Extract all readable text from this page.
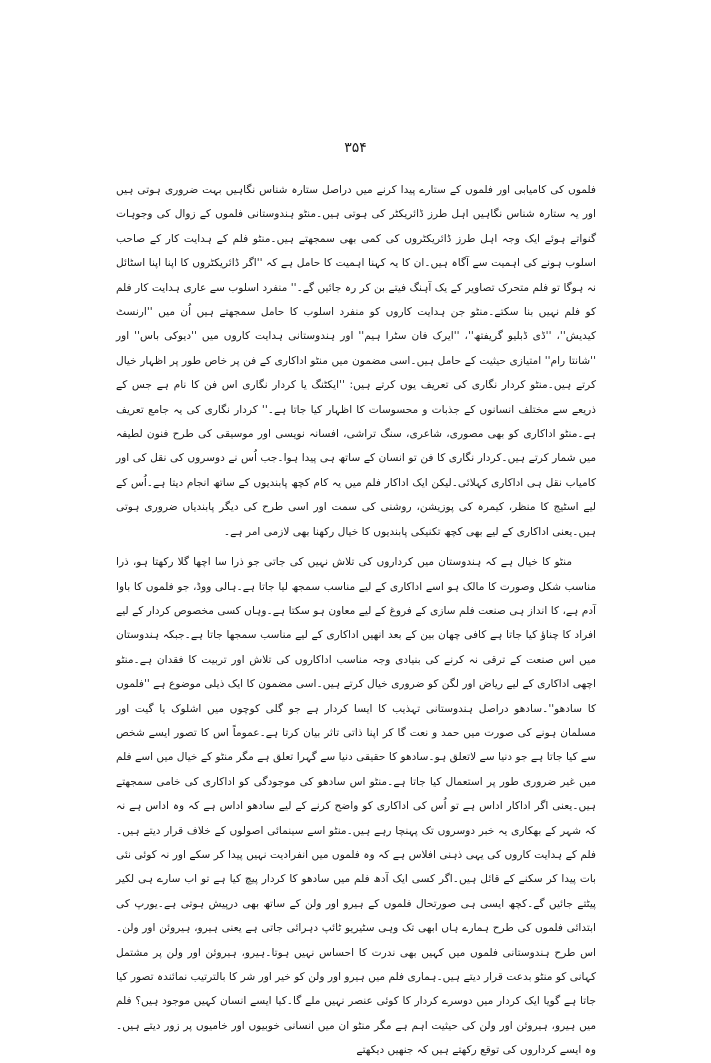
۳۵۴

فلموں کی کامیابی اور فلموں کے ستارے پیدا کرنے میں دراصل ستارہ شناس نگاہیں بہت ضروری ہوتی ہیں اور یہ ستارہ شناس نگاہیں اہل طرز ڈائریکٹر کی ہوتی ہیں۔منٹو ہندوستانی فلموں کے زوال کی وجوہات گنواتے ہوئے ایک وجہ اہل طرز ڈائریکٹروں کی کمی بھی سمجھتے ہیں۔منٹو فلم کے ہدایت کار کے صاحب اسلوب ہونے کی اہمیت سے آگاہ ہیں۔ان کا یہ کہنا اہمیت کا حامل ہے کہ ''اگر ڈائریکٹروں کا اپنا اپنا اسٹائل نہ ہوگا تو فلم متحرک تصاویر کے یک آہنگ فیتے بن کر رہ جائیں گے۔'' منفرد اسلوب سے عاری ہدایت کار فلم کو فلم نہیں بنا سکتے۔منٹو جن ہدایت کاروں کو منفرد اسلوب کا حامل سمجھتے ہیں اُن میں ''ارنسٹ کیدیش''، ''ڈی ڈبلیو گریفتھ''، ''ایرک فان سٹرا ہیم'' اور ہندوستانی ہدایت کاروں میں ''دیوکی باس'' اور ''شانتا رام'' امتیازی حیثیت کے حامل ہیں۔اسی مضمون میں منٹو اداکاری کے فن پر خاص طور پر اظہار خیال کرتے ہیں۔منٹو کردار نگاری کی تعریف یوں کرتے ہیں: ''ایکٹنگ یا کردار نگاری اس فن کا نام ہے جس کے ذریعے سے مختلف انسانوں کے جذبات و محسوسات کا اظہار کیا جاتا ہے۔'' کردار نگاری کی یہ جامع تعریف ہے۔منٹو اداکاری کو بھی مصوری، شاعری، سنگ تراشی، افسانہ نویسی اور موسیقی کی طرح فنون لطیفہ میں شمار کرتے ہیں۔کردار نگاری کا فن تو انسان کے ساتھ ہی پیدا ہوا۔جب اُس نے دوسروں کی نقل کی اور کامیاب نقل ہی اداکاری کہلائی۔لیکن ایک اداکار فلم میں یہ کام کچھ پابندیوں کے ساتھ انجام دیتا ہے۔اُس کے لیے اسٹیج کا منظر، کیمرہ کی پوزیشن، روشنی کی سمت اور اسی طرح کی دیگر پابندیاں ضروری ہوتی ہیں۔یعنی اداکاری کے لیے بھی کچھ تکنیکی پابندیوں کا خیال رکھنا بھی لازمی امر ہے۔

منٹو کا خیال ہے کہ ہندوستان میں کرداروں کی تلاش نہیں کی جاتی جو ذرا سا اچھا گلا رکھتا ہو، ذرا مناسب شکل وصورت کا مالک ہو اسے اداکاری کے لیے مناسب سمجھ لیا جاتا ہے۔ہالی ووڈ، جو فلموں کا باوا آدم ہے، کا انداز ہی صنعت فلم سازی کے فروغ کے لیے معاون ہو سکتا ہے۔وہاں کسی مخصوص کردار کے لیے افراد کا چناؤ کیا جاتا ہے کافی چھان بین کے بعد انھیں اداکاری کے لیے مناسب سمجھا جاتا ہے۔جبکہ ہندوستان میں اس صنعت کے ترقی نہ کرنے کی بنیادی وجہ مناسب اداکاروں کی تلاش اور تربیت کا فقدان ہے۔منٹو اچھی اداکاری کے لیے ریاض اور لگن کو ضروری خیال کرتے ہیں۔اسی مضمون کا ایک ذیلی موضوع ہے ''فلموں کا سادھو''۔سادھو دراصل ہندوستانی تہذیب کا ایسا کردار ہے جو گلی کوچوں میں اشلوک یا گیت اور مسلمان ہونے کی صورت میں حمد و نعت گا کر اپنا ذاتی تاثر بیان کرتا ہے۔عموماً اس کا تصور ایسے شخص سے کیا جاتا ہے جو دنیا سے لاتعلق ہو۔سادھو کا حقیقی دنیا سے گہرا تعلق ہے مگر منٹو کے خیال میں اسے فلم میں غیر ضروری طور پر استعمال کیا جاتا ہے۔منٹو اس سادھو کی موجودگی کو اداکاری کی خامی سمجھتے ہیں۔یعنی اگر اداکار اداس ہے تو اُس کی اداکاری کو واضح کرنے کے لیے سادھو اداس ہے کہ وہ اداس ہے نہ کہ شہر کے بھکاری یہ خبر دوسروں تک پہنچا رہے ہیں۔منٹو اسے سینمائی اصولوں کے خلاف قرار دیتے ہیں۔فلم کے ہدایت کاروں کی یہی ذہنی افلاس ہے کہ وہ فلموں میں انفرادیت نہیں پیدا کر سکے اور نہ کوئی نئی بات پیدا کر سکنے کے قائل ہیں۔اگر کسی ایک آدھ فلم میں سادھو کا کردار پیچ کیا ہے تو اب سارے ہی لکیر پیٹتے جائیں گے۔کچھ ایسی ہی صورتحال فلموں کے ہیرو اور ولن کے ساتھ بھی درپیش ہوتی ہے۔یورپ کی ابتدائی فلموں کی طرح ہمارے ہاں ابھی تک وہی سٹیریو ٹائپ دہرائی جاتی ہے یعنی ہیرو، ہیروئن اور ولن۔اس طرح ہندوستانی فلموں میں کہیں بھی ندرت کا احساس نہیں ہوتا۔ہیرو، ہیروئن اور ولن پر مشتمل کہانی کو منٹو بدعت قرار دیتے ہیں۔ہماری فلم میں ہیرو اور ولن کو خیر اور شر کا بالترتیب نمائندہ تصور کیا جاتا ہے گویا ایک کردار میں دوسرے کردار کا کوئی عنصر نہیں ملے گا۔کیا ایسے انسان کہیں موجود ہیں؟ فلم میں ہیرو، ہیروئن اور ولن کی حیثیت اہم ہے مگر منٹو ان میں انسانی خوبیوں اور خامیوں پر زور دیتے ہیں۔وہ ایسے کرداروں کی توقع رکھتے ہیں کہ جنھیں دیکھتے
